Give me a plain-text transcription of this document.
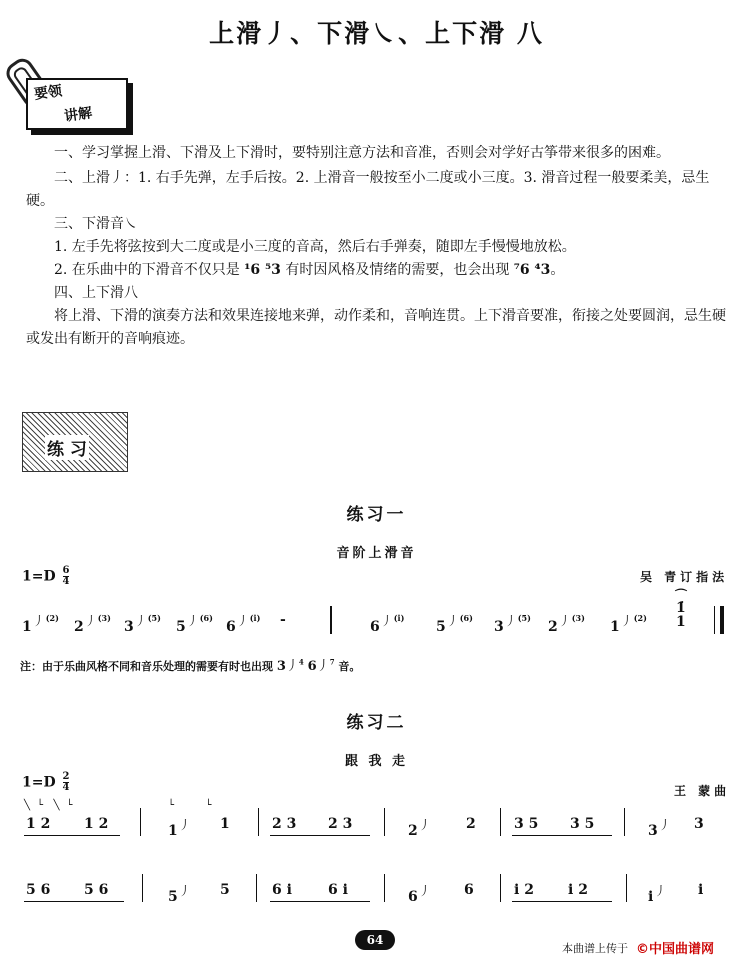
上滑丿、下滑㇏、上下滑 八
要领
讲解

一、学习掌握上滑、下滑及上下滑时，要特别注意方法和音准，否则会对学好古筝带来很多的困难。

二、上滑丿：1. 右手先弹，左手后按。2. 上滑音一般按至小二度或小三度。3. 滑音过程一般要柔美，忌生硬。

三、下滑音㇏

1. 左手先将弦按到大二度或是小三度的音高，然后右手弹奏，随即左手慢慢地放松。

2. 在乐曲中的下滑音不仅只是 ¹6 ⁵3 有时因风格及情绪的需要，也会出现 ⁷6 ⁴3。

四、上下滑八

将上滑、下滑的演奏方法和效果连接地来弹，动作柔和，音响连贯。上下滑音要准，衔接之处要圆润，忌生硬或发出有断开的音响痕迹。

练 习
练习一
音阶上滑音
$1=D \frac{6}{4}$	吴 青订指法
1丿$^{(2)}$
2丿$^{(3)}$
3丿$^{(5)}$
5丿$^{(6)}$
6丿$^{(i)}$ -	6丿$^{(i)}$
5丿$^{(6)}$
3丿$^{(5)}$
2丿$^{(3)}$
1丿$^{(2)}$
⌒
1̇
1
注：由于乐曲风格不同和音乐处理的需要有时也出现 3丿$^4$ 6丿$^7$ 音。
练习二
跟 我 走
$1=D \frac{2}{4}$	王 蒙曲
╲  └   ╲  └	└         └
1 2 1 2	1丿 1	2 3 2 3	2丿	2	3 5 3 5	3丿 3
5 6 5 6	5丿 5	6 i	6 i	6丿 6	i 2 i 2	i丿 i
64
本曲谱上传于 ©中国曲谱网
